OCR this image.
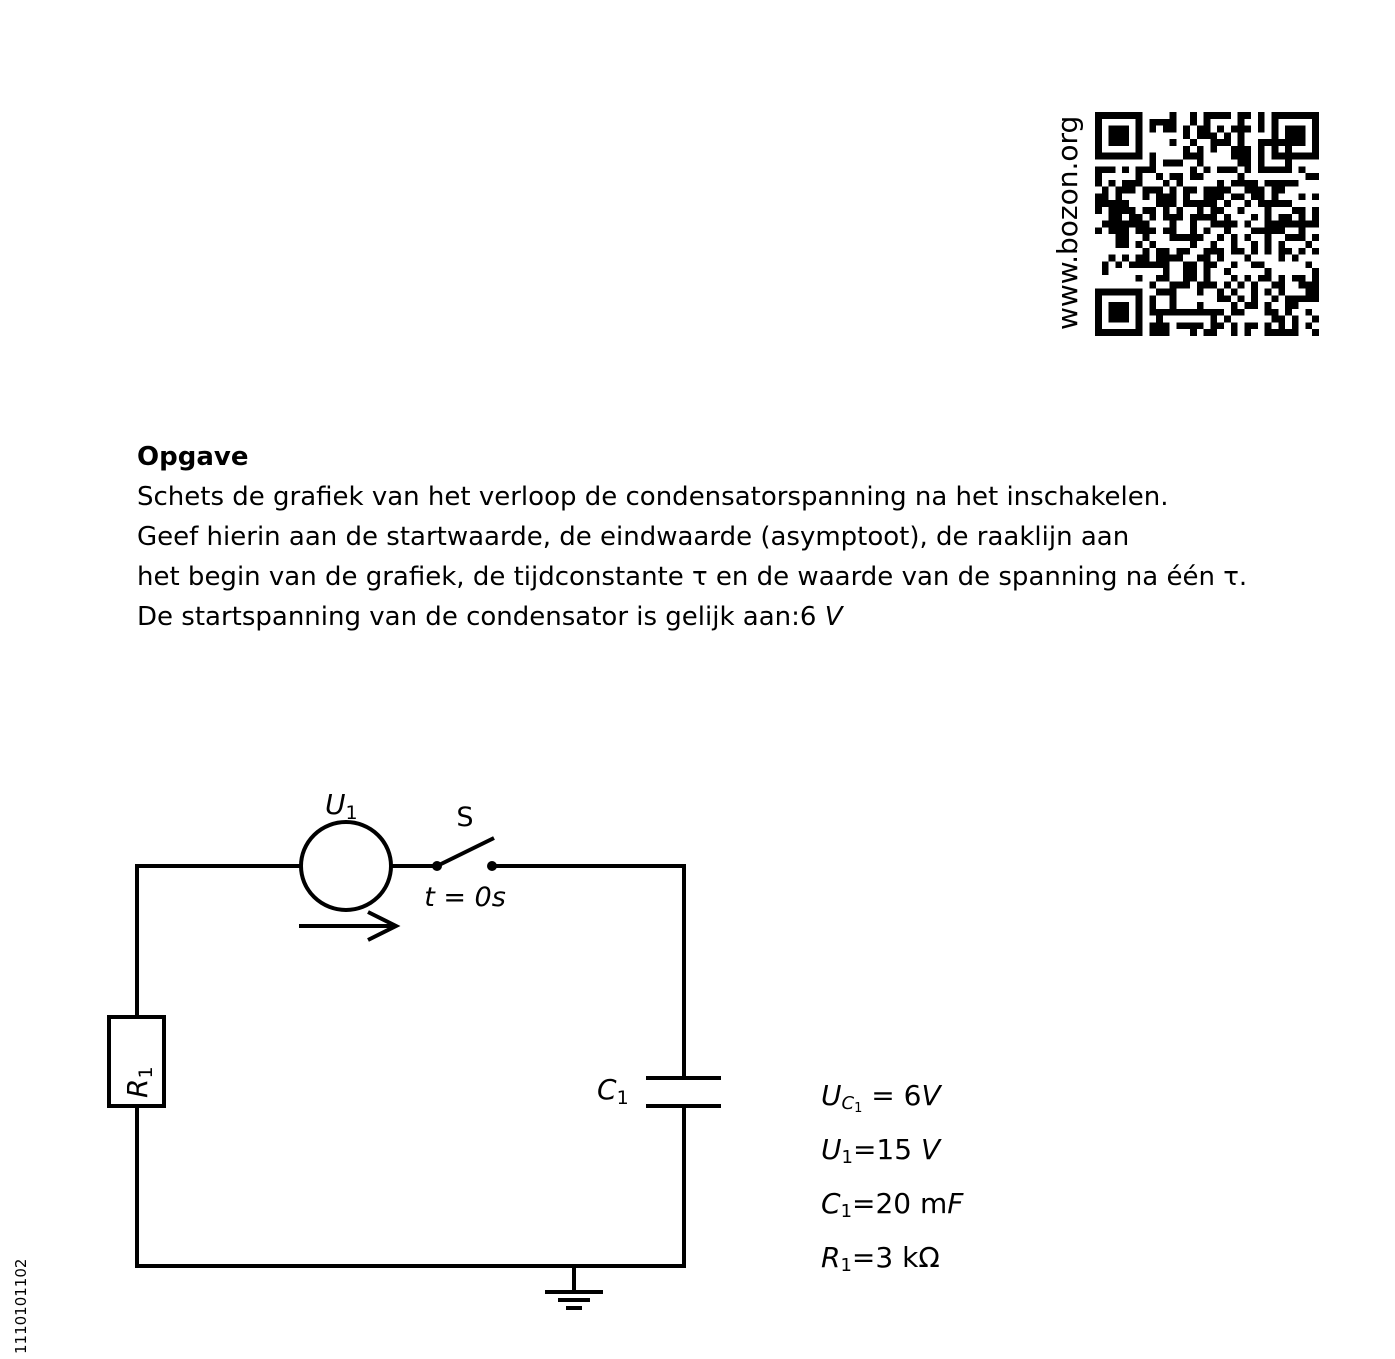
www.bozon.org
Opgave
Schets de grafiek van het verloop de condensatorspanning na het inschakelen.
Geef hierin aan de startwaarde, de eindwaarde (asymptoot), de raaklijn aan
het begin van de grafiek, de tijdconstante τ en de waarde van de spanning na één τ.
De startspanning van de condensator is gelijk aan:6 V
U1	S
t = 0s
C1
R1
$U_{C_1} = 6V$
$U_1=15$ V
$C_1=20$ mF
$R_1=3$ kΩ
1110101102
